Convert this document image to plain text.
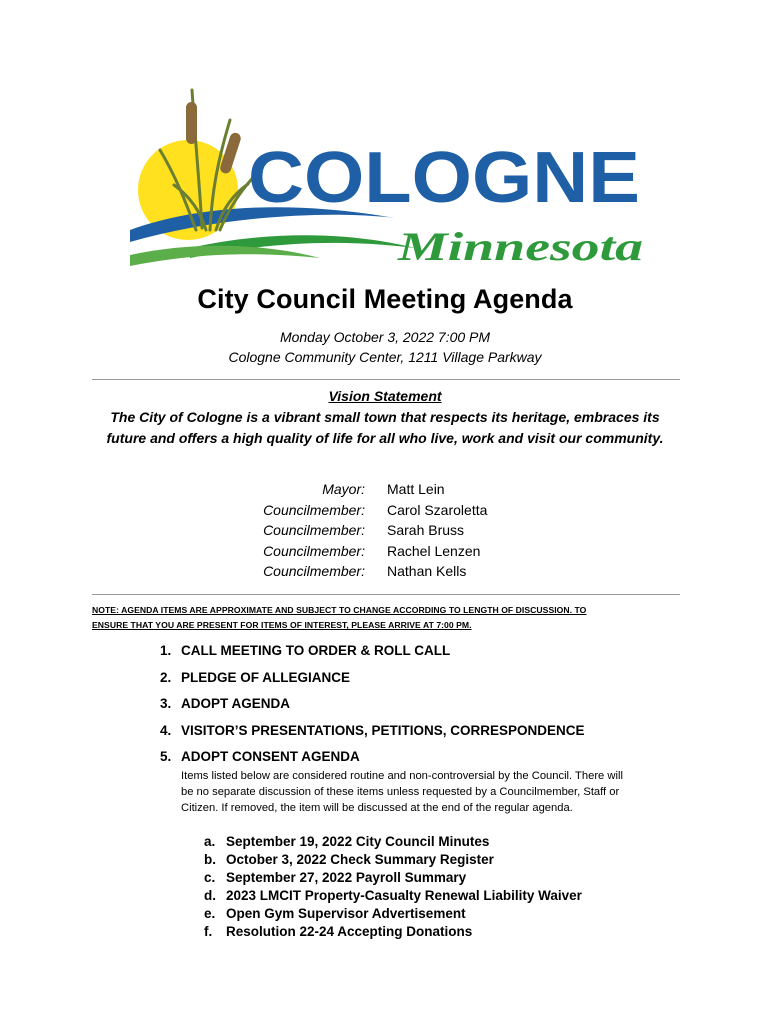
COLOGNE
Minnesota
City Council Meeting Agenda
Monday October 3, 2022 7:00 PM
Cologne Community Center, 1211 Village Parkway
Vision Statement
The City of Cologne is a vibrant small town that respects its heritage, embraces its future and offers a high quality of life for all who live, work and visit our community.
Mayor: Matt Lein
Councilmember: Carol Szaroletta
Councilmember: Sarah Bruss
Councilmember: Rachel Lenzen
Councilmember: Nathan Kells
NOTE: AGENDA ITEMS ARE APPROXIMATE AND SUBJECT TO CHANGE ACCORDING TO LENGTH OF DISCUSSION. TO
ENSURE THAT YOU ARE PRESENT FOR ITEMS OF INTEREST, PLEASE ARRIVE AT 7:00 PM.
1. CALL MEETING TO ORDER & ROLL CALL
2. PLEDGE OF ALLEGIANCE
3. ADOPT AGENDA
4. VISITOR’S PRESENTATIONS, PETITIONS, CORRESPONDENCE
5. ADOPT CONSENT AGENDA
Items listed below are considered routine and non-controversial by the Council. There will
be no separate discussion of these items unless requested by a Councilmember, Staff or
Citizen. If removed, the item will be discussed at the end of the regular agenda.
a. September 19, 2022 City Council Minutes
b. October 3, 2022 Check Summary Register
c. September 27, 2022 Payroll Summary
d. 2023 LMCIT Property-Casualty Renewal Liability Waiver
e. Open Gym Supervisor Advertisement
f. Resolution 22-24 Accepting Donations
